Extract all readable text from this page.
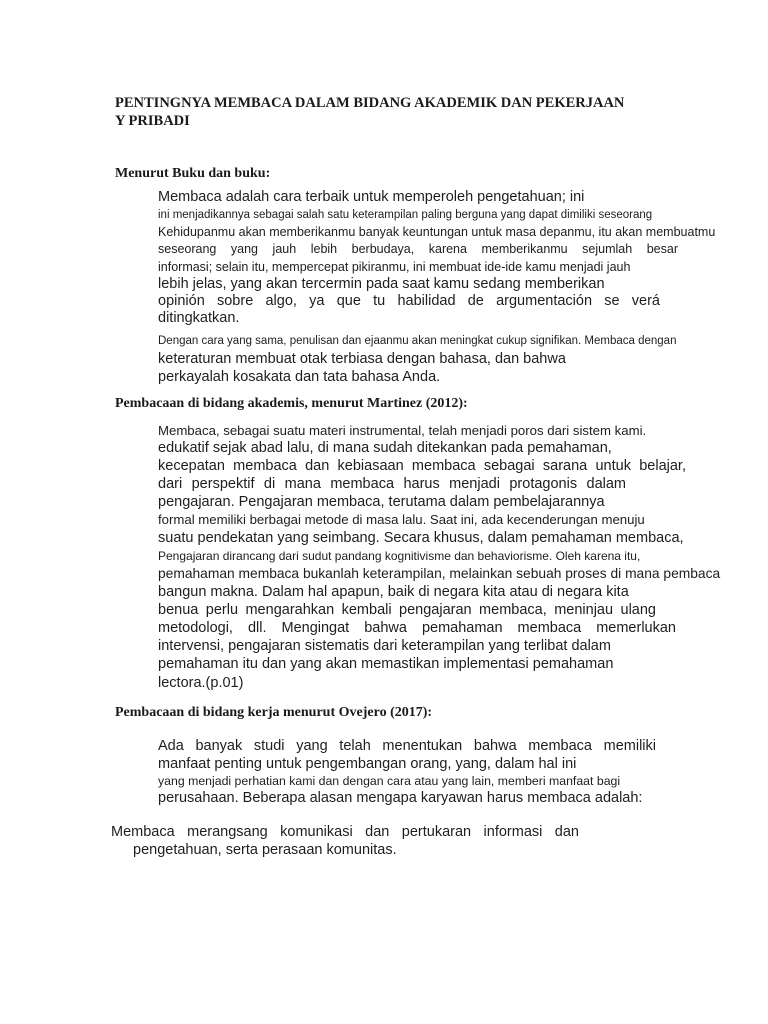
PENTINGNYA MEMBACA DALAM BIDANG AKADEMIK DAN PEKERJAAN
Y PRIBADI
Menurut Buku dan buku:
Membaca adalah cara terbaik untuk memperoleh pengetahuan; ini
ini menjadikannya sebagai salah satu keterampilan paling berguna yang dapat dimiliki seseorang
Kehidupanmu akan memberikanmu banyak keuntungan untuk masa depanmu, itu akan membuatmu
seseorang yang jauh lebih berbudaya, karena memberikanmu sejumlah besar
informasi; selain itu, mempercepat pikiranmu, ini membuat ide-ide kamu menjadi jauh
lebih jelas, yang akan tercermin pada saat kamu sedang memberikan
opinión sobre algo, ya que tu habilidad de argumentación se verá
ditingkatkan.
Dengan cara yang sama, penulisan dan ejaanmu akan meningkat cukup signifikan. Membaca dengan
keteraturan membuat otak terbiasa dengan bahasa, dan bahwa
perkayalah kosakata dan tata bahasa Anda.
Pembacaan di bidang akademis, menurut Martinez (2012):
Membaca, sebagai suatu materi instrumental, telah menjadi poros dari sistem kami.
edukatif sejak abad lalu, di mana sudah ditekankan pada pemahaman,
kecepatan membaca dan kebiasaan membaca sebagai sarana untuk belajar,
dari perspektif di mana membaca harus menjadi protagonis dalam
pengajaran. Pengajaran membaca, terutama dalam pembelajarannya
formal memiliki berbagai metode di masa lalu. Saat ini, ada kecenderungan menuju
suatu pendekatan yang seimbang. Secara khusus, dalam pemahaman membaca,
Pengajaran dirancang dari sudut pandang kognitivisme dan behaviorisme. Oleh karena itu,
pemahaman membaca bukanlah keterampilan, melainkan sebuah proses di mana pembaca
bangun makna. Dalam hal apapun, baik di negara kita atau di negara kita
benua perlu mengarahkan kembali pengajaran membaca, meninjau ulang
metodologi, dll. Mengingat bahwa pemahaman membaca memerlukan
intervensi, pengajaran sistematis dari keterampilan yang terlibat dalam
pemahaman itu dan yang akan memastikan implementasi pemahaman
lectora.(p.01)
Pembacaan di bidang kerja menurut Ovejero (2017):
Ada banyak studi yang telah menentukan bahwa membaca memiliki
manfaat penting untuk pengembangan orang, yang, dalam hal ini
yang menjadi perhatian kami dan dengan cara atau yang lain, memberi manfaat bagi
perusahaan. Beberapa alasan mengapa karyawan harus membaca adalah:
Membaca merangsang komunikasi dan pertukaran informasi dan
pengetahuan, serta perasaan komunitas.
